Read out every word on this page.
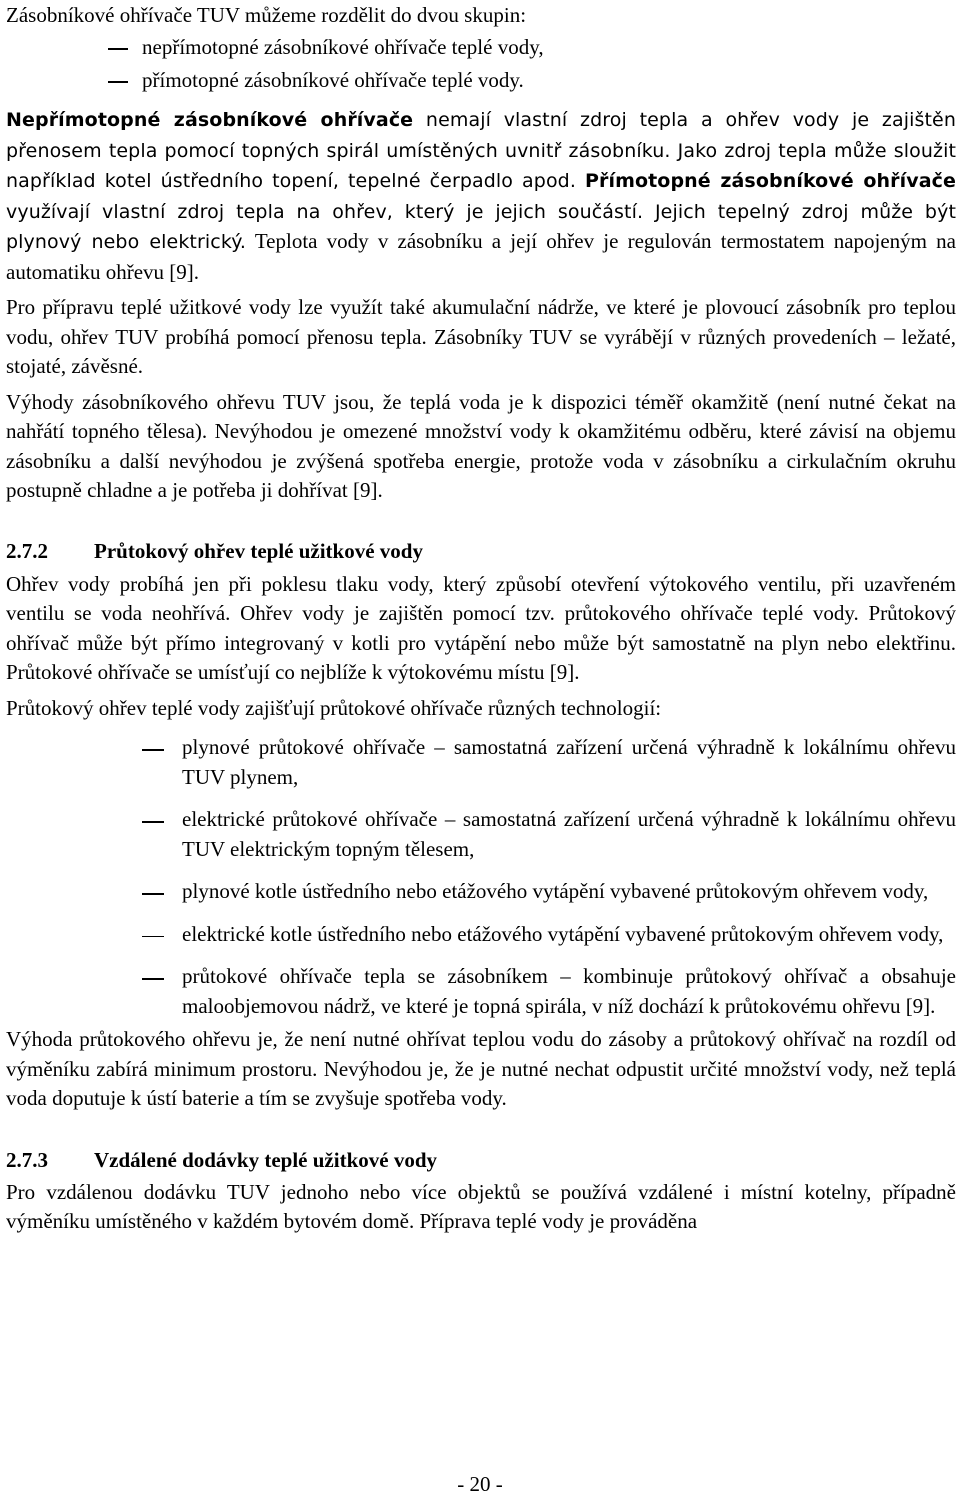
Zásobníkové ohřívače TUV můžeme rozdělit do dvou skupin:

nepřímotopné zásobníkové ohřívače teplé vody,
přímotopné zásobníkové ohřívače teplé vody.

Nepřímotopné zásobníkové ohřívače nemají vlastní zdroj tepla a ohřev vody je zajištěn přenosem tepla pomocí topných spirál umístěných uvnitř zásobníku. Jako zdroj tepla může sloužit například kotel ústředního topení, tepelné čerpadlo apod. Přímotopné zásobníkové ohřívače využívají vlastní zdroj tepla na ohřev, který je jejich součástí. Jejich tepelný zdroj může být plynový nebo elektrický. Teplota vody v zásobníku a její ohřev je regulován termostatem napojeným na automatiku ohřevu [9].

Pro přípravu teplé užitkové vody lze využít také akumulační nádrže, ve které je plovoucí zásobník pro teplou vodu, ohřev TUV probíhá pomocí přenosu tepla. Zásobníky TUV se vyrábějí v různých provedeních – ležaté, stojaté, závěsné.

Výhody zásobníkového ohřevu TUV jsou, že teplá voda je k dispozici téměř okamžitě (není nutné čekat na nahřátí topného tělesa). Nevýhodou je omezené množství vody k okamžitému odběru, které závisí na objemu zásobníku a další nevýhodou je zvýšená spotřeba energie, protože voda v zásobníku a cirkulačním okruhu postupně chladne a je potřeba ji dohřívat [9].

2.7.2	Průtokový ohřev teplé užitkové vody

Ohřev vody probíhá jen při poklesu tlaku vody, který způsobí otevření výtokového ventilu, při uzavřeném ventilu se voda neohřívá. Ohřev vody je zajištěn pomocí tzv. průtokového ohřívače teplé vody. Průtokový ohřívač může být přímo integrovaný v kotli pro vytápění nebo může být samostatně na plyn nebo elektřinu. Průtokové ohřívače se umísťují co nejblíže k výtokovému místu [9].

Průtokový ohřev teplé vody zajišťují průtokové ohřívače různých technologií:

plynové průtokové ohřívače – samostatná zařízení určená výhradně k lokálnímu ohřevu TUV plynem,
elektrické průtokové ohřívače – samostatná zařízení určená výhradně k lokálnímu ohřevu TUV elektrickým topným tělesem,
plynové kotle ústředního nebo etážového vytápění vybavené průtokovým ohřevem vody,
elektrické kotle ústředního nebo etážového vytápění vybavené průtokovým ohřevem vody,
průtokové ohřívače tepla se zásobníkem – kombinuje průtokový ohřívač a obsahuje maloobjemovou nádrž, ve které je topná spirála, v níž dochází k průtokovému ohřevu [9].

Výhoda průtokového ohřevu je, že není nutné ohřívat teplou vodu do zásoby a průtokový ohřívač na rozdíl od výměníku zabírá minimum prostoru. Nevýhodou je, že je nutné nechat odpustit určité množství vody, než teplá voda doputuje k ústí baterie a tím se zvyšuje spotřeba vody.

2.7.3	Vzdálené dodávky teplé užitkové vody

Pro vzdálenou dodávku TUV jednoho nebo více objektů se používá vzdálené i místní kotelny, případně výměníku umístěného v každém bytovém domě. Příprava teplé vody je prováděna

- 20 -
